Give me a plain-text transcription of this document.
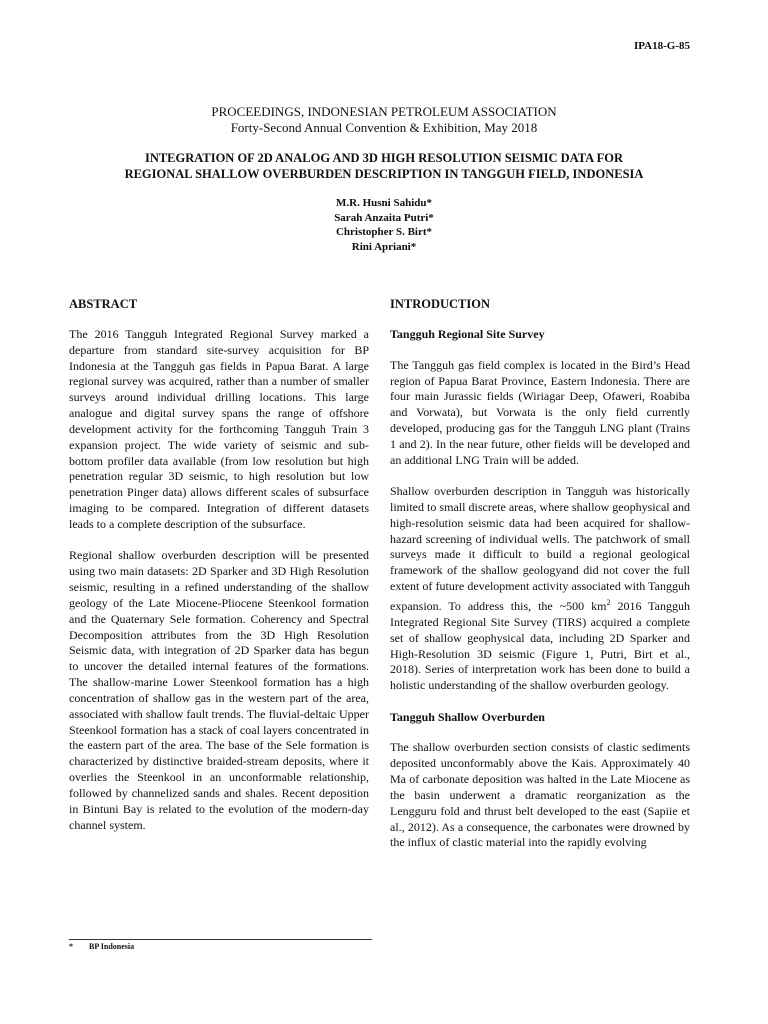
IPA18-G-85
PROCEEDINGS, INDONESIAN PETROLEUM ASSOCIATION
Forty-Second Annual Convention & Exhibition, May 2018
INTEGRATION OF 2D ANALOG AND 3D HIGH RESOLUTION SEISMIC DATA FOR
REGIONAL SHALLOW OVERBURDEN DESCRIPTION IN TANGGUH FIELD, INDONESIA
M.R. Husni Sahidu*
Sarah Anzaita Putri*
Christopher S. Birt*
Rini Apriani*
ABSTRACT

The 2016 Tangguh Integrated Regional Survey marked a departure from standard site-survey acquisition for BP Indonesia at the Tangguh gas fields in Papua Barat. A large regional survey was acquired, rather than a number of smaller surveys around individual drilling locations. This large analogue and digital survey spans the range of offshore development activity for the forthcoming Tangguh Train 3 expansion project. The wide variety of seismic and sub-bottom profiler data available (from low resolution but high penetration regular 3D seismic, to high resolution but low penetration Pinger data) allows different scales of subsurface imaging to be compared. Integration of different datasets leads to a complete description of the subsurface.

Regional shallow overburden description will be presented using two main datasets: 2D Sparker and 3D High Resolution seismic, resulting in a refined understanding of the shallow geology of the Late Miocene-Pliocene Steenkool formation and the Quaternary Sele formation. Coherency and Spectral Decomposition attributes from the 3D High Resolution Seismic data, with integration of 2D Sparker data has begun to uncover the detailed internal features of the formations. The shallow-marine Lower Steenkool formation has a high concentration of shallow gas in the western part of the area, associated with shallow fault trends. The fluvial-deltaic Upper Steenkool formation has a stack of coal layers concentrated in the eastern part of the area. The base of the Sele formation is characterized by distinctive braided-stream deposits, where it overlies the Steenkool in an unconformable relationship, followed by channelized sands and shales. Recent deposition in Bintuni Bay is related to the evolution of the modern-day channel system.

INTRODUCTION
Tangguh Regional Site Survey

The Tangguh gas field complex is located in the Bird’s Head region of Papua Barat Province, Eastern Indonesia. There are four main Jurassic fields (Wiriagar Deep, Ofaweri, Roabiba and Vorwata), but Vorwata is the only field currently developed, producing gas for the Tangguh LNG plant (Trains 1 and 2). In the near future, other fields will be developed and an additional LNG Train will be added.

Shallow overburden description in Tangguh was historically limited to small discrete areas, where shallow geophysical and high-resolution seismic data had been acquired for shallow-hazard screening of individual wells. The patchwork of small surveys made it difficult to build a regional geological framework of the shallow geologyand did not cover the full extent of future development activity associated with Tangguh expansion. To address this, the ~500 $km^2$ 2016 Tangguh Integrated Regional Site Survey (TIRS) acquired a complete set of shallow geophysical data, including 2D Sparker and High-Resolution 3D seismic (Figure 1, Putri, Birt et al., 2018). Series of interpretation work has been done to build a holistic understanding of the shallow overburden geology.

Tangguh Shallow Overburden

The shallow overburden section consists of clastic sediments deposited unconformably above the Kais. Approximately 40 Ma of carbonate deposition was halted in the Late Miocene as the basin underwent a dramatic reorganization as the Lengguru fold and thrust belt developed to the east (Sapiie et al., 2012). As a consequence, the carbonates were drowned by the influx of clastic material into the rapidly evolving

* BP Indonesia
